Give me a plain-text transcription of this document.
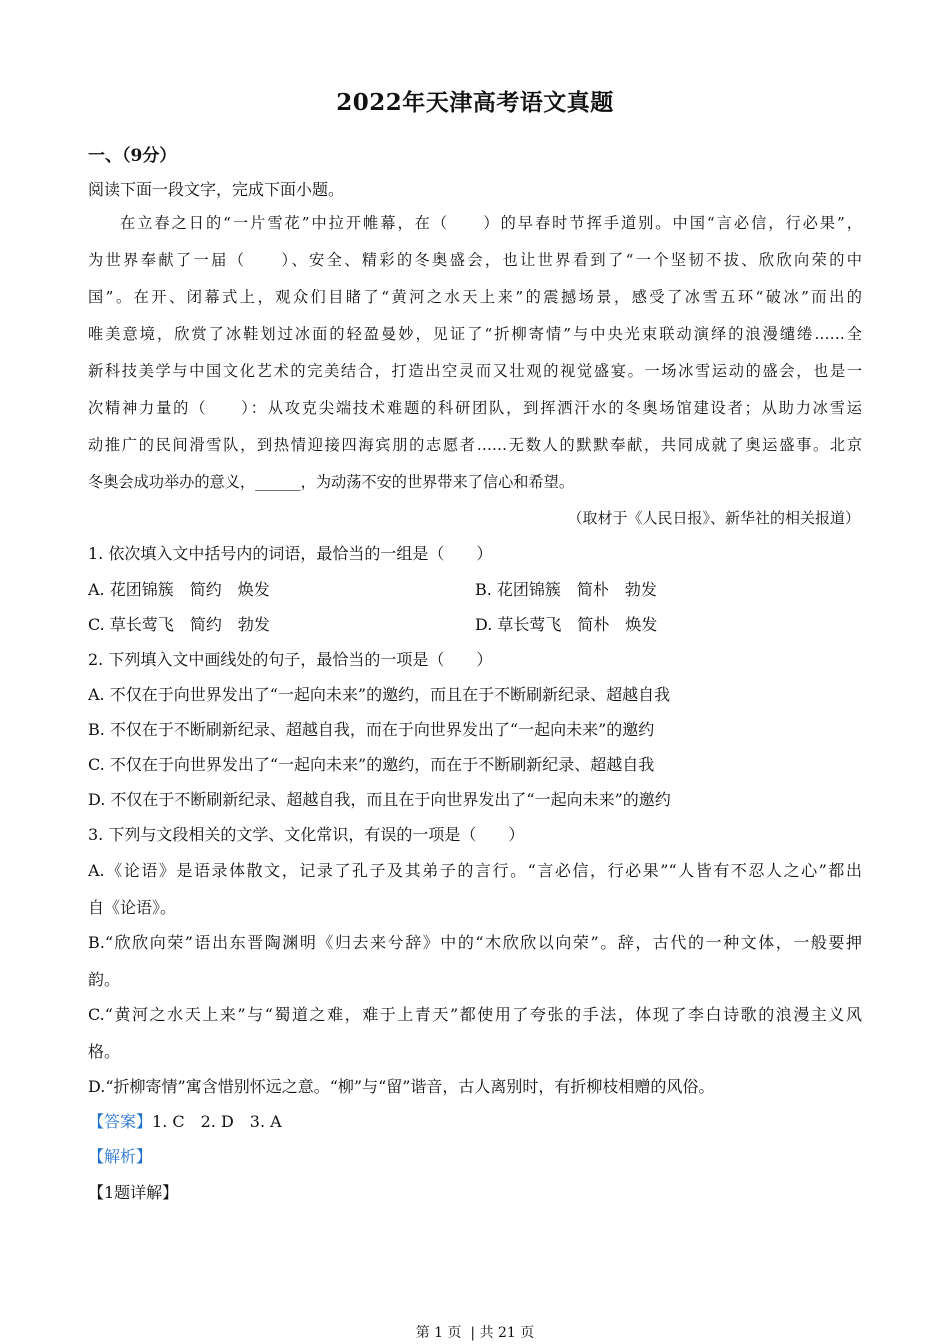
2022年天津高考语文真题
一、（9分）
阅读下面一段文字，完成下面小题。
在立春之日的“一片雪花”中拉开帷幕，在（　　）的早春时节挥手道别。中国“言必信，行必果”，
为世界奉献了一届（　　）、安全、精彩的冬奥盛会，也让世界看到了“一个坚韧不拔、欣欣向荣的中
国”。在开、闭幕式上，观众们目睹了“黄河之水天上来”的震撼场景，感受了冰雪五环“破冰”而出的
唯美意境，欣赏了冰鞋划过冰面的轻盈曼妙，见证了“折柳寄情”与中央光束联动演绎的浪漫缱绻……全
新科技美学与中国文化艺术的完美结合，打造出空灵而又壮观的视觉盛宴。一场冰雪运动的盛会，也是一
次精神力量的（　　）：从攻克尖端技术难题的科研团队，到挥洒汗水的冬奥场馆建设者；从助力冰雪运
动推广的民间滑雪队，到热情迎接四海宾朋的志愿者……无数人的默默奉献，共同成就了奥运盛事。北京
冬奥会成功举办的意义，______，为动荡不安的世界带来了信心和希望。
（取材于《人民日报》、新华社的相关报道）
1. 依次填入文中括号内的词语，最恰当的一组是（　　）
A. 花团锦簇　简约　焕发	B. 花团锦簇　简朴　勃发
C. 草长莺飞　简约　勃发	D. 草长莺飞　简朴　焕发
2. 下列填入文中画线处的句子，最恰当的一项是（　　）
A. 不仅在于向世界发出了“一起向未来”的邀约，而且在于不断刷新纪录、超越自我
B. 不仅在于不断刷新纪录、超越自我，而在于向世界发出了“一起向未来”的邀约
C. 不仅在于向世界发出了“一起向未来”的邀约，而在于不断刷新纪录、超越自我
D. 不仅在于不断刷新纪录、超越自我，而且在于向世界发出了“一起向未来”的邀约
3. 下列与文段相关的文学、文化常识，有误的一项是（　　）
A.《论语》是语录体散文，记录了孔子及其弟子的言行。“言必信，行必果”“人皆有不忍人之心”都出
自《论语》。
B.“欣欣向荣”语出东晋陶渊明《归去来兮辞》中的“木欣欣以向荣”。辞，古代的一种文体，一般要押
韵。
C.“黄河之水天上来”与“蜀道之难，难于上青天”都使用了夸张的手法，体现了李白诗歌的浪漫主义风
格。
D.“折柳寄情”寓含惜别怀远之意。“柳”与“留”谐音，古人离别时，有折柳枝相赠的风俗。
【答案】1. C　2. D　3. A
【解析】
【1题详解】
第 1 页  | 共 21 页
